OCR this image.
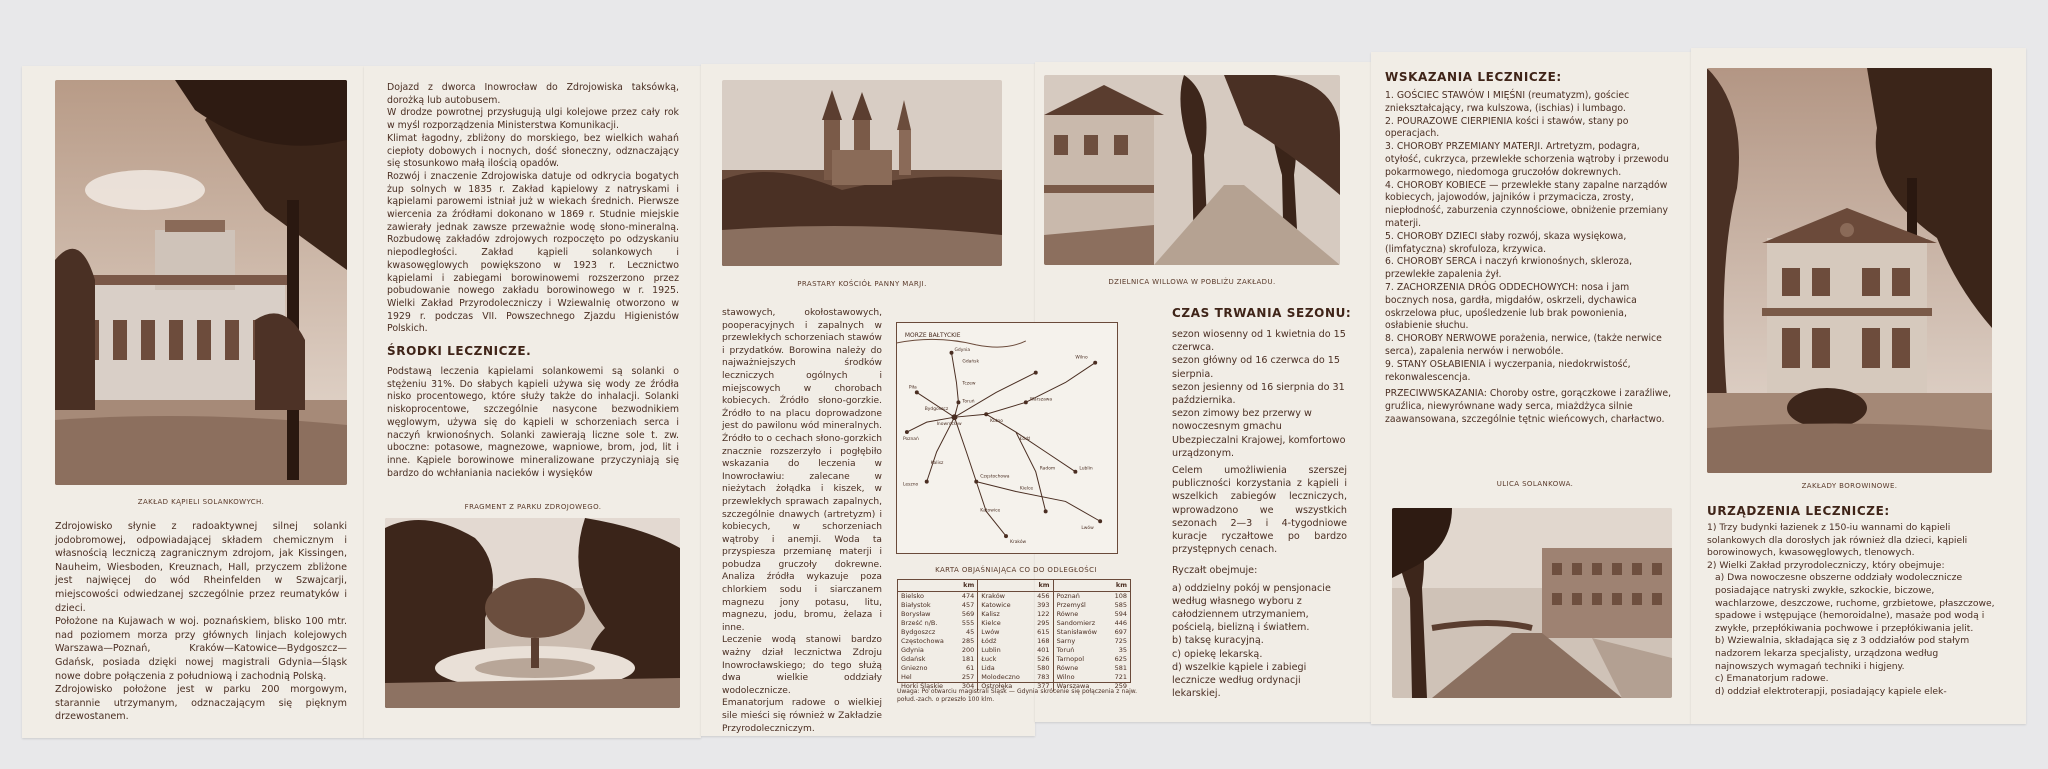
ZAKŁAD KĄPIELI SOLANKOWYCH.

Zdrojowisko słynie z radoaktywnej silnej solanki jodobromowej, odpowiadającej składem chemicznym i własnością leczniczą zagranicznym zdrojom, jak Kissingen, Nauheim, Wiesboden, Kreuznach, Hall, przyczem zbliżone jest najwięcej do wód Rheinfelden w Szwajcarji, miejscowości odwiedzanej szczególnie przez reumatyków i dzieci.

Położone na Kujawach w woj. poznańskiem, blisko 100 mtr. nad poziomem morza przy głównych linjach kolejowych Warszawa—Poznań, Kraków—Katowice—Bydgoszcz—Gdańsk, posiada dzięki nowej magistrali Gdynia—Śląsk nowe dobre połączenia z południową i zachodnią Polską.

Zdrojowisko położone jest w parku 200 morgowym, starannie utrzymanym, odznaczającym się pięknym drzewostanem.

Dojazd z dworca Inowrocław do Zdrojowiska taksówką, dorożką lub autobusem.

W drodze powrotnej przysługują ulgi kolejowe przez cały rok w myśl rozporządzenia Ministerstwa Komunikacji.

Klimat łagodny, zbliżony do morskiego, bez wielkich wahań ciepłoty dobowych i nocnych, dość słoneczny, odznaczający się stosunkowo małą ilością opadów.

Rozwój i znaczenie Zdrojowiska datuje od odkrycia bogatych żup solnych w 1835 r. Zakład kąpielowy z natryskami i kąpielami parowemi istniał już w wiekach średnich. Pierwsze wiercenia za źródłami dokonano w 1869 r. Studnie miejskie zawierały jednak zawsze przeważnie wodę słono-mineralną. Rozbudowę zakładów zdrojowych rozpoczęto po odzyskaniu niepodległości. Zakład kąpieli solankowych i kwasowęglowych powiększono w 1923 r. Lecznictwo kąpielami i zabiegami borowinowemi rozszerzono przez pobudowanie nowego zakładu borowinowego w r. 1925. Wielki Zakład Przyrodoleczniczy i Wziewalnię otworzono w 1929 r. podczas VII. Powszechnego Zjazdu Higienistów Polskich.

ŚRODKI LECZNICZE.

Podstawą leczenia kąpielami solankowemi są solanki o stężeniu 31%. Do słabych kąpieli używa się wody ze źródła nisko procentowego, które służy także do inhalacji. Solanki niskoprocentowe, szczególnie nasycone bezwodnikiem węglowym, używa się do kąpieli w schorzeniach serca i naczyń krwionośnych. Solanki zawierają liczne sole t. zw. uboczne: potasowe, magnezowe, wapniowe, brom, jod, lit i inne. Kąpiele borowinowe mineralizowane przyczyniają się bardzo do wchłaniania nacieków i wysięków

FRAGMENT Z PARKU ZDROJOWEGO.
PRASTARY KOŚCIÓŁ PANNY MARJI.

stawowych, okołostawowych, pooperacyjnych i zapalnych w przewlekłych schorzeniach stawów i przydatków. Borowina należy do najważniejszych środków leczniczych ogólnych i miejscowych w chorobach kobiecych. Źródło słono-gorzkie. Źródło to na placu doprowadzone jest do pawilonu wód mineralnych. Źródło to o cechach słono-gorzkich znacznie rozszerzyło i pogłębiło wskazania do leczenia w Inowrocławiu: zalecane w nieżytach żołądka i kiszek, w przewlekłych sprawach zapalnych, szczególnie dnawych (artretyzm) i kobiecych, w schorzeniach wątroby i anemji. Woda ta przyspiesza przemianę materji i pobudza gruczoły dokrewne. Analiza źródła wykazuje poza chlorkiem sodu i siarczanem magnezu jony potasu, litu, magnezu, jodu, bromu, żelaza i inne.

Leczenie wodą stanowi bardzo ważny dział lecznictwa Zdroju Inowrocławskiego; do tego służą dwa wielkie oddziały wodolecznicze.

Emanatorjum radowe o wielkiej sile mieści się również w Zakładzie Przyrodoleczniczym.

MORZE BAŁTYCKIE
Gdynia
Gdańsk
Tczew
Bydgoszcz
Toruń
Inowrocław
Poznań
Kutno
Warszawa
Łódź
Kraków
Katowice
Kalisz
Leszno
Piła
Lublin
Radom
Kielce
Częstochowa
Lwów
Wilno
KARTA OBJAŚNIAJĄCA CO DO ODLEGŁOŚCI
km		km		km	
Bielsko	474	Kraków	456	Poznań	108
Białystok	457	Katowice	393	Przemyśl	585
Borysław	569	Kalisz	122	Równe	594
Brześć n/B.	555	Kielce	295	Sandomierz	446
Bydgoszcz	45	Lwów	615	Stanisławów	697
Częstochowa	285	Łódź	168	Sarny	725
Gdynia	200	Lublin	401	Toruń	35
Gdańsk	181	Łuck	526	Tarnopol	625
Gniezno	61	Lida	580	Równe	581
Hel	257	Molodeczno	783	Wilno	721
Horki Śląskie	304	Ostrołęka	377	Warszawa	259
Uwaga: Po otwarciu magistrali Śląsk — Gdynia skrócenie się połączenia z najw. połud.-zach. o przeszło 100 klm.
DZIELNICA WILLOWA W POBLIŻU ZAKŁADU.
CZAS TRWANIA SEZONU:

sezon wiosenny od 1 kwietnia do 15 czerwca.

sezon główny od 16 czerwca do 15 sierpnia.

sezon jesienny od 16 sierpnia do 31 października.

sezon zimowy bez przerwy w nowoczesnym gmachu Ubezpieczalni Krajowej, komfortowo urządzonym.

Celem umożliwienia szerszej publiczności korzystania z kąpieli i wszelkich zabiegów leczniczych, wprowadzono we wszystkich sezonach 2—3 i 4-tygodniowe kuracje ryczałtowe po bardzo przystępnych cenach.

Ryczałt obejmuje:

a) oddzielny pokój w pensjonacie według własnego wyboru z całodziennem utrzymaniem, pościelą, bielizną i światłem.

b) taksę kuracyjną.

c) opiekę lekarską.

d) wszelkie kąpiele i zabiegi lecznicze według ordynacji lekarskiej.

WSKAZANIA LECZNICZE:

1. GOŚCIEC STAWÓW I MIĘŚNI (reumatyzm), gościec zniekształcający, rwa kulszowa, (ischias) i lumbago.

2. POURAZOWE CIERPIENIA kości i stawów, stany po operacjach.

3. CHOROBY PRZEMIANY MATERJI. Artretyzm, podagra, otyłość, cukrzyca, przewlekłe schorzenia wątroby i przewodu pokarmowego, niedomoga gruczołów dokrewnych.

4. CHOROBY KOBIECE — przewlekłe stany zapalne narządów kobiecych, jajowodów, jajników i przymacicza, zrosty, niepłodność, zaburzenia czynnościowe, obniżenie przemiany materji.

5. CHOROBY DZIECI słaby rozwój, skaza wysiękowa, (limfatyczna) skrofuloza, krzywica.

6. CHOROBY SERCA i naczyń krwionośnych, skleroza, przewlekłe zapalenia żył.

7. ZACHORZENIA DRÓG ODDECHOWYCH: nosa i jam bocznych nosa, gardła, migdałów, oskrzeli, dychawica oskrzelowa płuc, upośledzenie lub brak powonienia, osłabienie słuchu.

8. CHOROBY NERWOWE porażenia, nerwice, (także nerwice serca), zapalenia nerwów i nerwobóle.

9. STANY OSŁABIENIA i wyczerpania, niedokrwistość, rekonwalescencja.

PRZECIWWSKAZANIA: Choroby ostre, gorączkowe i zaraźliwe, gruźlica, niewyrównane wady serca, miażdżyca silnie zaawansowana, szczególnie tętnic wieńcowych, charłactwo.

ULICA SOLANKOWA.	ZAKŁADY BOROWINOWE.
URZĄDZENIA LECZNICZE:

1) Trzy budynki łazienek z 150-iu wannami do kąpieli solankowych dla dorosłych jak również dla dzieci, kąpieli borowinowych, kwasowęglowych, tlenowych.

2) Wielki Zakład przyrodoleczniczy, który obejmuje:

a) Dwa nowoczesne obszerne oddziały wodolecznicze posiadające natryski zwykłe, szkockie, biczowe, wachlarzowe, deszczowe, ruchome, grzbietowe, płaszczowe, spadowe i wstępujące (hemoroidalne), masaże pod wodą i zwykłe, przepłókiwania pochwowe i przepłókiwania jelit.

b) Wziewalnia, składająca się z 3 oddziałów pod stałym nadzorem lekarza specjalisty, urządzona według najnowszych wymagań techniki i higjeny.

c) Emanatorjum radowe.

d) oddział elektroterapji, posiadający kąpiele elek-
